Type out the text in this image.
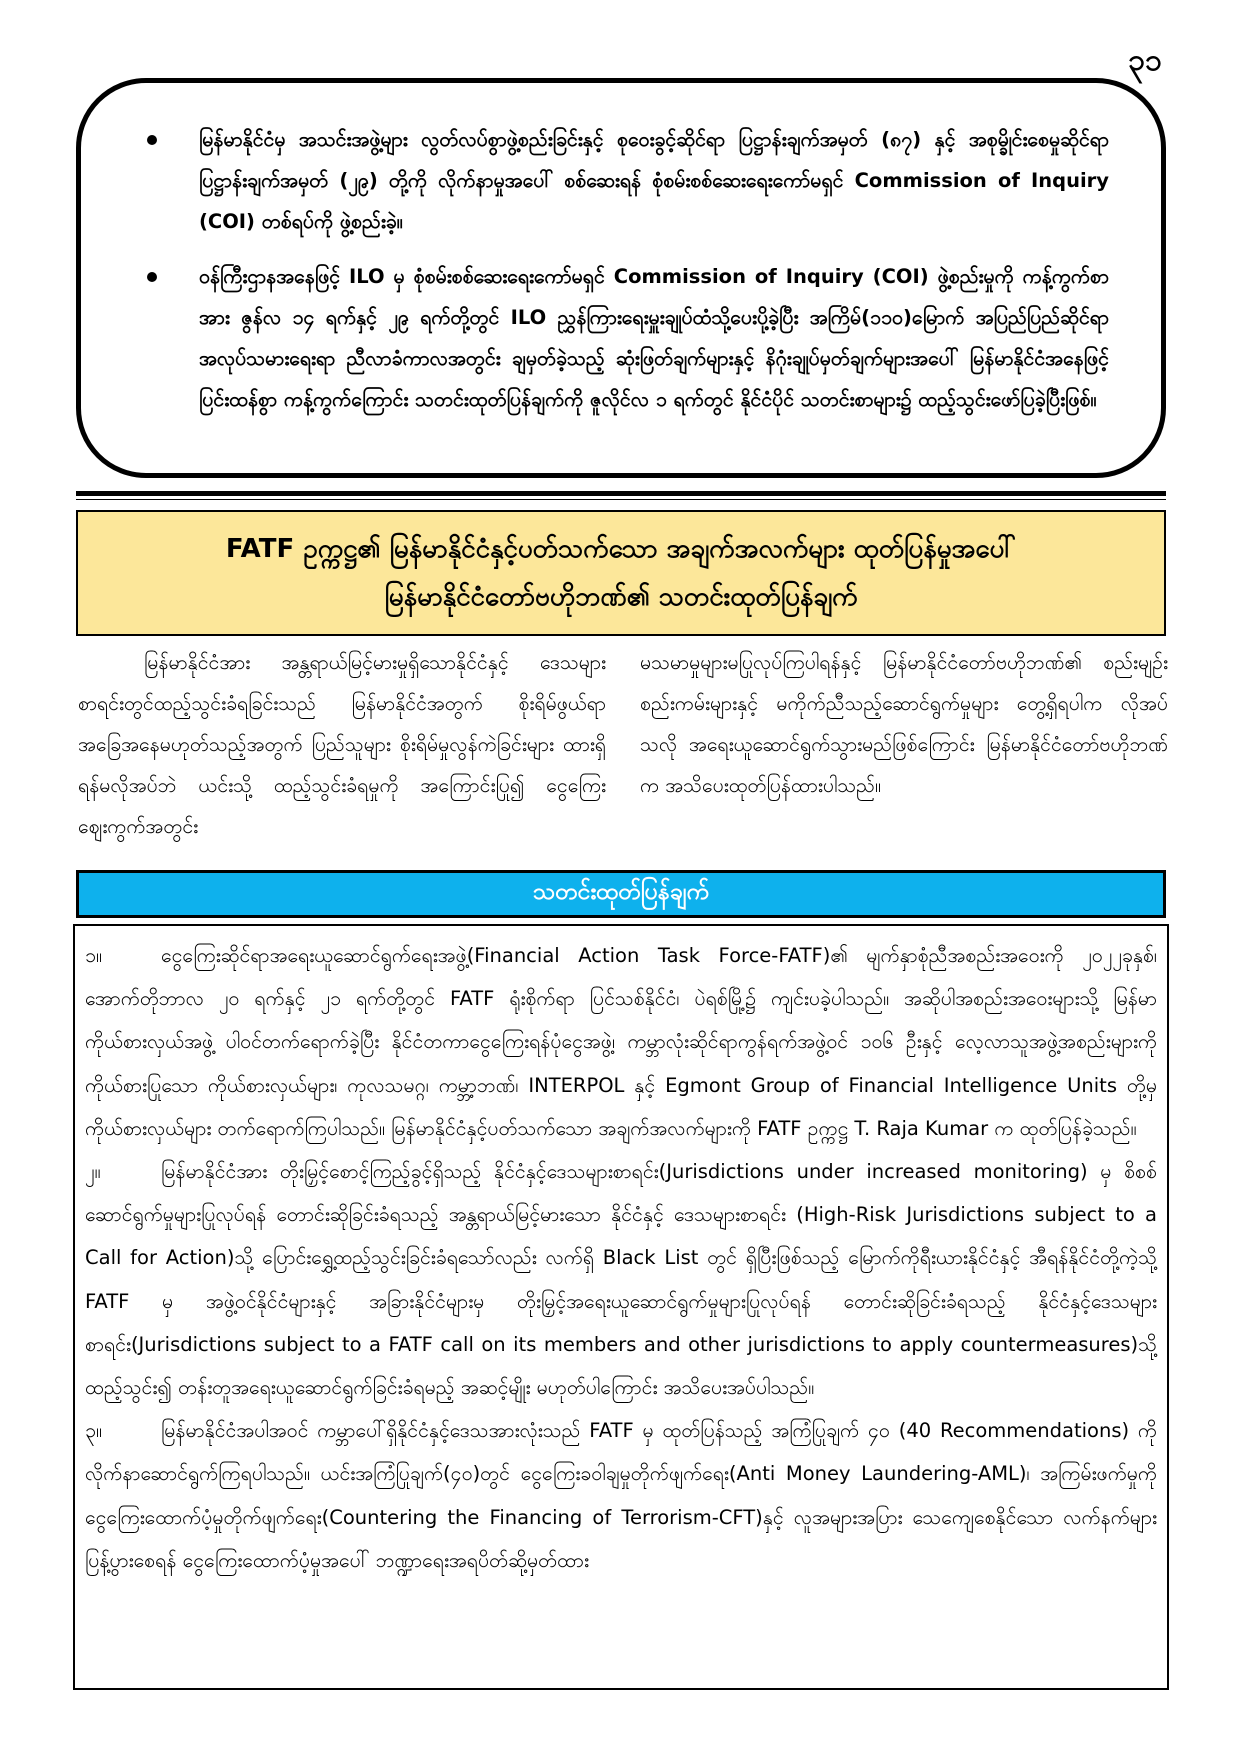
၃၁
မြန်မာနိုင်ငံမှ အသင်းအဖွဲ့များ လွတ်လပ်စွာဖွဲ့စည်းခြင်းနှင့် စုဝေးခွင့်ဆိုင်ရာ ပြဋ္ဌာန်းချက်အမှတ် (၈၇) နှင့် အစုမ္ခိုင်းစေမှုဆိုင်ရာ ပြဋ္ဌာန်းချက်အမှတ် (၂၉) တို့ကို လိုက်နာမှုအပေါ် စစ်ဆေးရန် စုံစမ်းစစ်ဆေးရေးကော်မရှင် Commission of Inquiry (COI) တစ်ရပ်ကို ဖွဲ့စည်းခဲ့။
ဝန်ကြီးဌာနအနေဖြင့် ILO မှ စုံစမ်းစစ်ဆေးရေးကော်မရှင် Commission of Inquiry (COI) ဖွဲ့စည်းမှုကို ကန့်ကွက်စာအား ဇွန်လ ၁၄ ရက်နှင့် ၂၉ ရက်တို့တွင် ILO ညွှန်ကြားရေးမှူးချုပ်ထံသို့ပေးပို့ခဲ့ပြီး အကြိမ်(၁၁၀)မြောက် အပြည်ပြည်ဆိုင်ရာ အလုပ်သမားရေးရာ ညီလာခံကာလအတွင်း ချမှတ်ခဲ့သည့် ဆုံးဖြတ်ချက်များနှင့် နိဂုံးချုပ်မှတ်ချက်များအပေါ် မြန်မာနိုင်ငံအနေဖြင့် ပြင်းထန်စွာ ကန့်ကွက်ကြောင်း သတင်းထုတ်ပြန်ချက်ကို ဇူလိုင်လ ၁ ရက်တွင် နိုင်ငံပိုင် သတင်းစာများ၌ ထည့်သွင်းဖော်ပြခဲ့ပြီးဖြစ်။
FATF ဥက္ကဋ္ဌ၏ မြန်မာနိုင်ငံနှင့်ပတ်သက်သော အချက်အလက်များ ထုတ်ပြန်မှုအပေါ်
မြန်မာနိုင်ငံတော်ဗဟိုဘဏ်၏ သတင်းထုတ်ပြန်ချက်
မြန်မာနိုင်ငံအား အန္တရာယ်မြင့်မားမှုရှိသောနိုင်ငံနှင့် ဒေသများ စာရင်းတွင်ထည့်သွင်းခံရခြင်းသည် မြန်မာနိုင်ငံအတွက် စိုးရိမ်ဖွယ်ရာအခြေအနေမဟုတ်သည့်အတွက် ပြည်သူများ စိုးရိမ်မှုလွန်ကဲခြင်းများ ထားရှိရန်မလိုအပ်ဘဲ ယင်းသို့ ထည့်သွင်းခံရမှုကို အကြောင်းပြု၍ ငွေကြေးဈေးကွက်အတွင်း
မသမာမှုများမပြုလုပ်ကြပါရန်နှင့် မြန်မာနိုင်ငံတော်ဗဟိုဘဏ်၏ စည်းမျဉ်းစည်းကမ်းများနှင့် မကိုက်ညီသည့်ဆောင်ရွက်မှုများ တွေ့ရှိရပါက လိုအပ်သလို အရေးယူဆောင်ရွက်သွားမည်ဖြစ်ကြောင်း မြန်မာနိုင်ငံတော်ဗဟိုဘဏ်က အသိပေးထုတ်ပြန်ထားပါသည်။
သတင်းထုတ်ပြန်ချက်

၁။	ငွေကြေးဆိုင်ရာအရေးယူဆောင်ရွက်ရေးအဖွဲ့(Financial Action Task Force-FATF)၏ မျက်နှာစုံညီအစည်းအဝေးကို ၂၀၂၂ခုနှစ်၊ အောက်တိုဘာလ ၂၀ ရက်နှင့် ၂၁ ရက်တို့တွင် FATF ရုံးစိုက်ရာ ပြင်သစ်နိုင်ငံ၊ ပဲရစ်မြို့၌ ကျင်းပခဲ့ပါသည်။ အဆိုပါအစည်းအဝေးများသို့ မြန်မာကိုယ်စားလှယ်အဖွဲ့ ပါဝင်တက်ရောက်ခဲ့ပြီး နိုင်ငံတကာငွေကြေးရန်ပုံငွေအဖွဲ့၊ ကမ္ဘာလုံးဆိုင်ရာကွန်ရက်အဖွဲ့ဝင် ၁၀၆ ဦးနှင့် လေ့လာသူအဖွဲ့အစည်းများကို ကိုယ်စားပြုသော ကိုယ်စားလှယ်များ၊ ကုလသမဂ္ဂ၊ ကမ္ဘာ့ဘဏ်၊ INTERPOL နှင့် Egmont Group of Financial Intelligence Units တို့မှ ကိုယ်စားလှယ်များ တက်ရောက်ကြပါသည်။ မြန်မာနိုင်ငံနှင့်ပတ်သက်သော အချက်အလက်များကို FATF ဥက္ကဋ္ဌ T. Raja Kumar က ထုတ်ပြန်ခဲ့သည်။

၂။	မြန်မာနိုင်ငံအား တိုးမြှင့်စောင့်ကြည့်ခွင့်ရှိသည့် နိုင်ငံနှင့်ဒေသများစာရင်း(Jurisdictions under increased monitoring) မှ စိစစ်ဆောင်ရွက်မှုများပြုလုပ်ရန် တောင်းဆိုခြင်းခံရသည့် အန္တရာယ်မြင့်မားသော နိုင်ငံနှင့် ဒေသများစာရင်း (High-Risk Jurisdictions subject to a Call for Action)သို့ ပြောင်းရွှေ့ထည့်သွင်းခြင်းခံရသော်လည်း လက်ရှိ Black List တွင် ရှိပြီးဖြစ်သည့် မြောက်ကိုရီးယားနိုင်ငံနှင့် အီရန်နိုင်ငံတို့ကဲ့သို့ FATF မှ အဖွဲ့ဝင်နိုင်ငံများနှင့် အခြားနိုင်ငံများမှ တိုးမြှင့်အရေးယူဆောင်ရွက်မှုများပြုလုပ်ရန် တောင်းဆိုခြင်းခံရသည့် နိုင်ငံနှင့်ဒေသများစာရင်း(Jurisdictions subject to a FATF call on its members and other jurisdictions to apply countermeasures)သို့ ထည့်သွင်း၍ တန်းတူအရေးယူဆောင်ရွက်ခြင်းခံရမည့် အဆင့်မျိုး မဟုတ်ပါကြောင်း အသိပေးအပ်ပါသည်။

၃။	မြန်မာနိုင်ငံအပါအဝင် ကမ္ဘာပေါ်ရှိနိုင်ငံနှင့်ဒေသအားလုံးသည် FATF မှ ထုတ်ပြန်သည့် အကြံပြုချက် ၄၀ (40 Recommendations) ကို လိုက်နာဆောင်ရွက်ကြရပါသည်။ ယင်းအကြံပြုချက်(၄၀)တွင် ငွေကြေးခဝါချမှုတိုက်ဖျက်ရေး(Anti Money Laundering-AML)၊ အကြမ်းဖက်မှုကို ငွေကြေးထောက်ပံ့မှုတိုက်ဖျက်ရေး(Countering the Financing of Terrorism-CFT)နှင့် လူအများအပြား သေကျေစေနိုင်သော လက်နက်များပြန့်ပွားစေရန် ငွေကြေးထောက်ပံ့မှုအပေါ် ဘဏ္ဍာရေးအရပိတ်ဆို့မှတ်ထား
